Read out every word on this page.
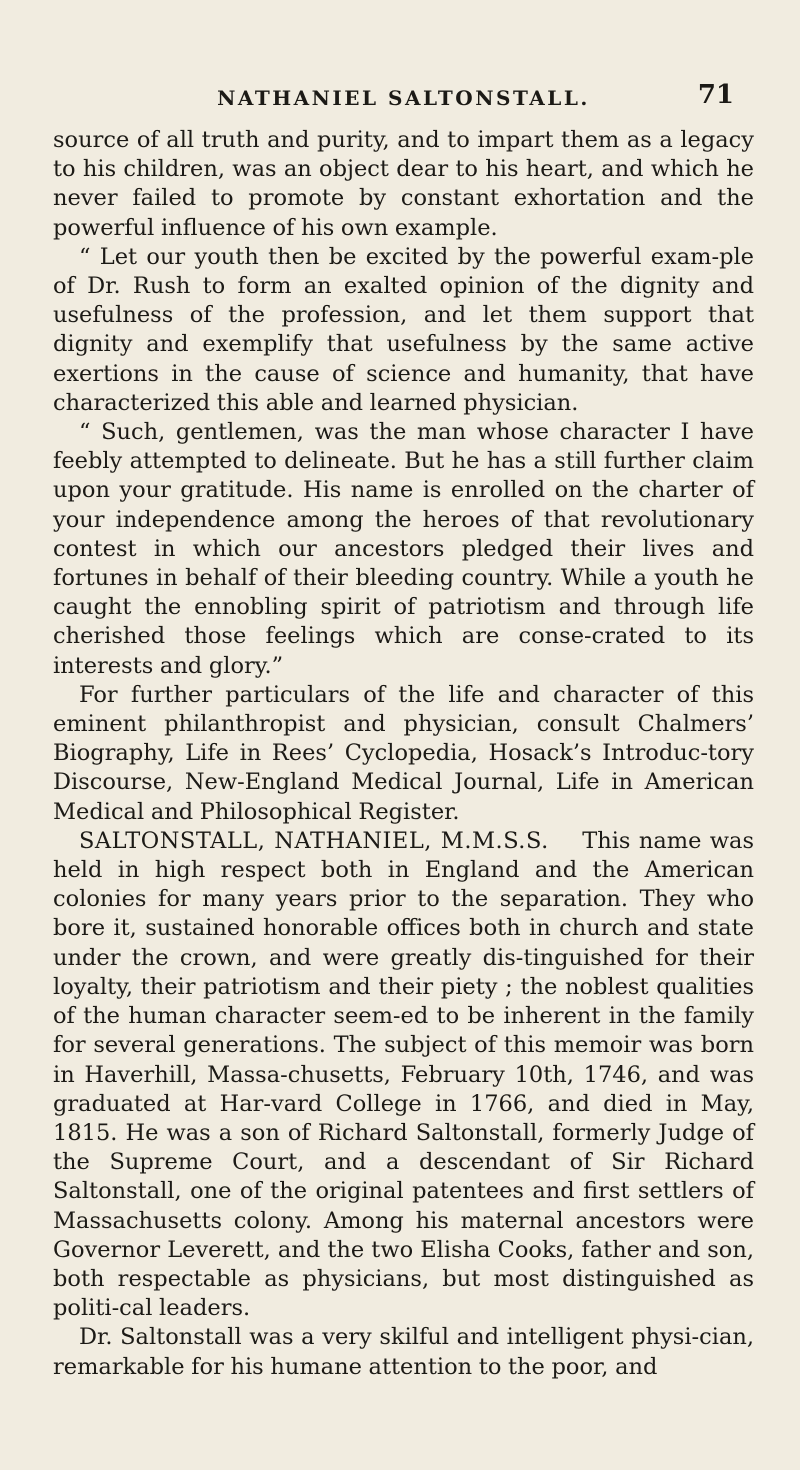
NATHANIEL SALTONSTALL.	71

source of all truth and purity, and to impart them as a legacy to his children, was an object dear to his heart, and which he never failed to promote by constant exhortation and the powerful influence of his own example.

“ Let our youth then be excited by the powerful exam-ple of Dr. Rush to form an exalted opinion of the dignity and usefulness of the profession, and let them support that dignity and exemplify that usefulness by the same active exertions in the cause of science and humanity, that have characterized this able and learned physician.

“ Such, gentlemen, was the man whose character I have feebly attempted to delineate. But he has a still further claim upon your gratitude. His name is enrolled on the charter of your independence among the heroes of that revolutionary contest in which our ancestors pledged their lives and fortunes in behalf of their bleeding country. While a youth he caught the ennobling spirit of patriotism and through life cherished those feelings which are conse-crated to its interests and glory.”

For further particulars of the life and character of this eminent philanthropist and physician, consult Chalmers’ Biography, Life in Rees’ Cyclopedia, Hosack’s Introduc-tory Discourse, New-England Medical Journal, Life in American Medical and Philosophical Register.

SALTONSTALL, NATHANIEL, M.M.S.S. This name was held in high respect both in England and the American colonies for many years prior to the separation. They who bore it, sustained honorable offices both in church and state under the crown, and were greatly dis-tinguished for their loyalty, their patriotism and their piety ; the noblest qualities of the human character seem-ed to be inherent in the family for several generations. The subject of this memoir was born in Haverhill, Massa-chusetts, February 10th, 1746, and was graduated at Har-vard College in 1766, and died in May, 1815. He was a son of Richard Saltonstall, formerly Judge of the Supreme Court, and a descendant of Sir Richard Saltonstall, one of the original patentees and first settlers of Massachusetts colony. Among his maternal ancestors were Governor Leverett, and the two Elisha Cooks, father and son, both respectable as physicians, but most distinguished as politi-cal leaders.

Dr. Saltonstall was a very skilful and intelligent physi-cian, remarkable for his humane attention to the poor, and
